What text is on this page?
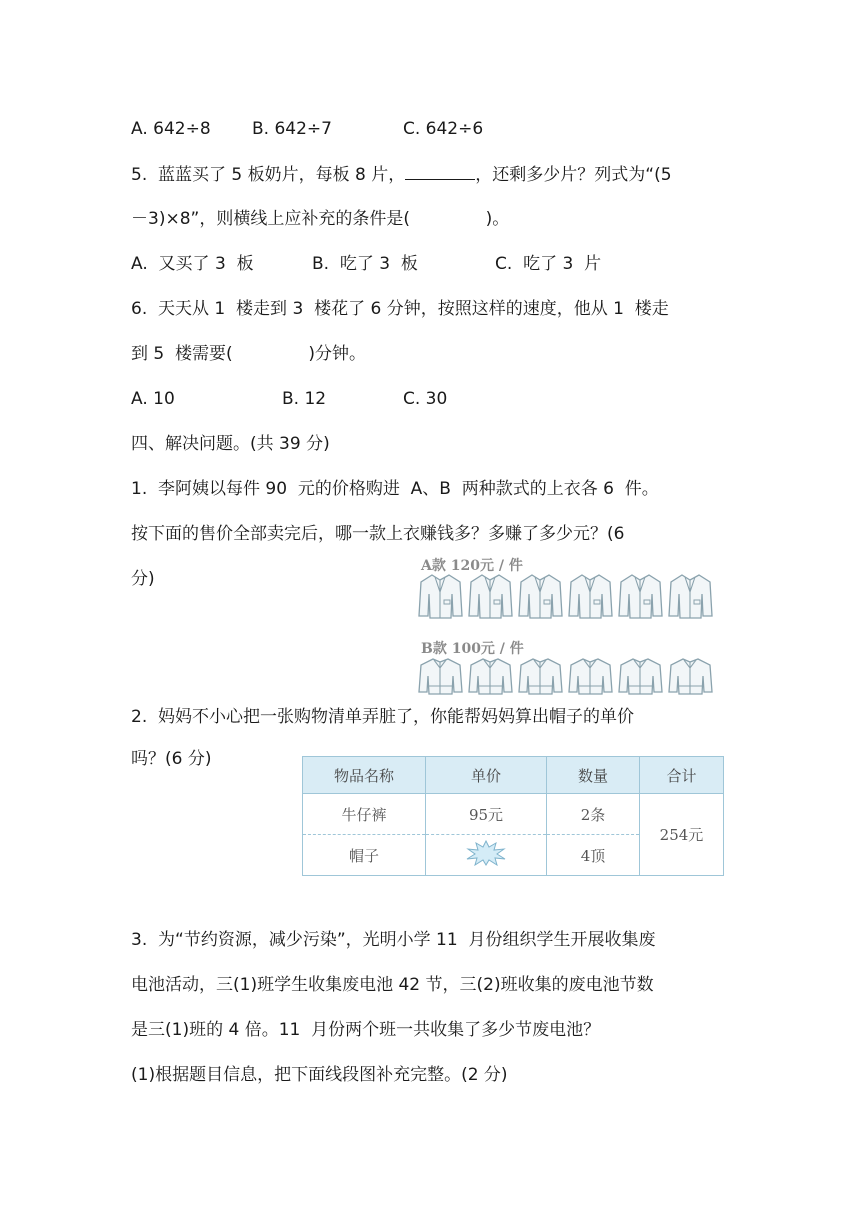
A. 642÷8 B. 642÷7	C. 642÷6
5.  蓝蓝买了 5 板奶片，每板 8 片，	，还剩多少片？列式为“(5
－3)×8”，则横线上应补充的条件是(              )。
A.  又买了 3  板	B.  吃了 3  板	C.  吃了 3  片
6.  天天从 1  楼走到 3  楼花了 6 分钟，按照这样的速度，他从 1  楼走
到 5  楼需要(              )分钟。
A. 10	B. 12	C. 30
四、解决问题。(共 39 分)
1.  李阿姨以每件 90  元的价格购进  A、B  两种款式的上衣各 6  件。
按下面的售价全部卖完后，哪一款上衣赚钱多？多赚了多少元？(6
分)
A款 120元 / 件
B款 100元 / 件
2.  妈妈不小心把一张购物清单弄脏了，你能帮妈妈算出帽子的单价
吗？(6 分)
物品名称	单价	数量	合计
牛仔裤	95元	2条	254元
帽子		4顶	
3.  为“节约资源，减少污染”，光明小学 11  月份组织学生开展收集废
电池活动，三(1)班学生收集废电池 42 节，三(2)班收集的废电池节数
是三(1)班的 4 倍。11  月份两个班一共收集了多少节废电池？
(1)根据题目信息，把下面线段图补充完整。(2 分)
